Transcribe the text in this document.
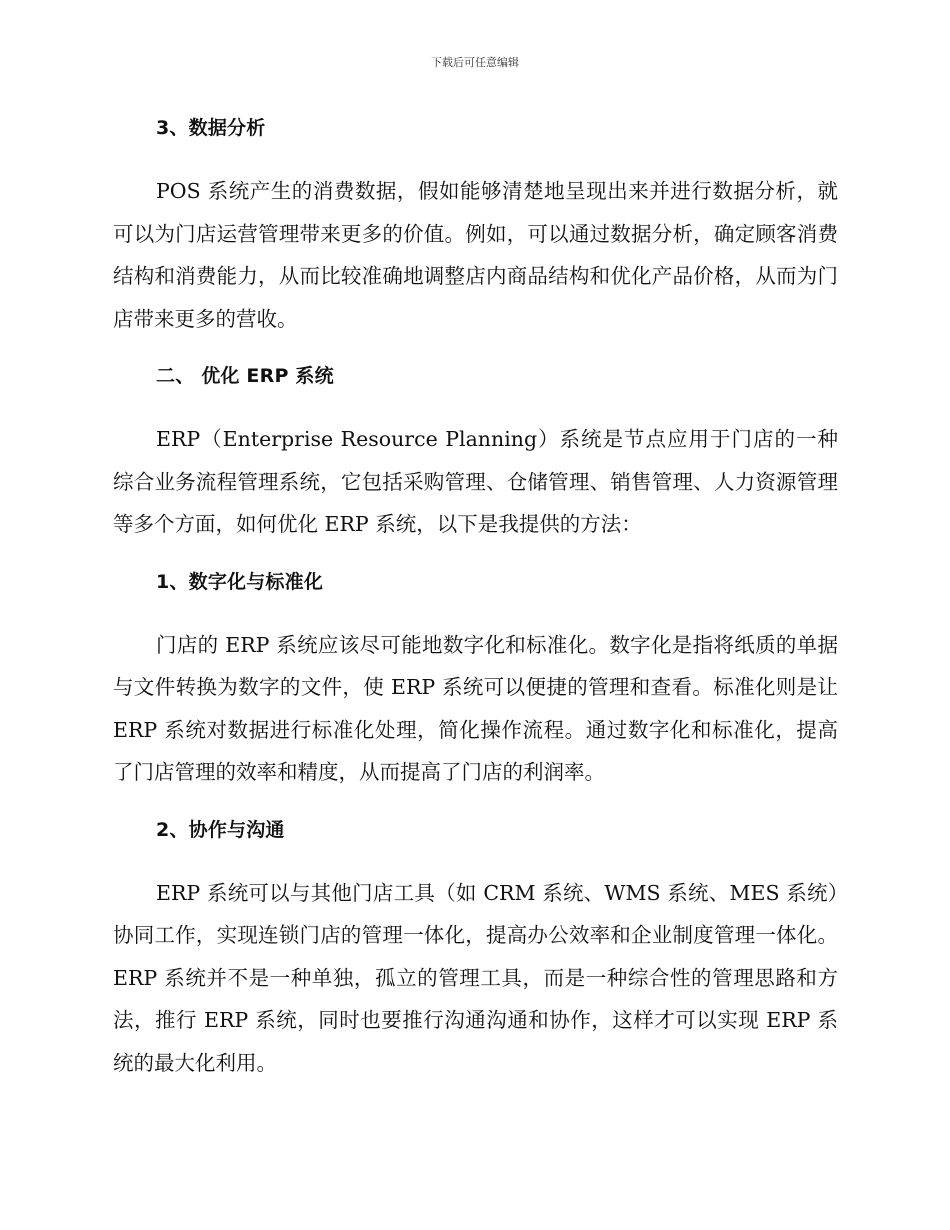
下载后可任意编辑
3、数据分析

POS 系统产生的消费数据，假如能够清楚地呈现出来并进行数据分析，就可以为门店运营管理带来更多的价值。例如，可以通过数据分析，确定顾客消费结构和消费能力，从而比较准确地调整店内商品结构和优化产品价格，从而为门店带来更多的营收。

二、 优化 ERP 系统

ERP（Enterprise Resource Planning）系统是节点应用于门店的一种综合业务流程管理系统，它包括采购管理、仓储管理、销售管理、人力资源管理等多个方面，如何优化 ERP 系统，以下是我提供的方法：

1、数字化与标准化

门店的 ERP 系统应该尽可能地数字化和标准化。数字化是指将纸质的单据与文件转换为数字的文件，使 ERP 系统可以便捷的管理和查看。标准化则是让 ERP 系统对数据进行标准化处理，简化操作流程。通过数字化和标准化，提高了门店管理的效率和精度，从而提高了门店的利润率。

2、协作与沟通

ERP 系统可以与其他门店工具（如 CRM 系统、WMS 系统、MES 系统）协同工作，实现连锁门店的管理一体化，提高办公效率和企业制度管理一体化。ERP 系统并不是一种单独，孤立的管理工具，而是一种综合性的管理思路和方法，推行 ERP 系统，同时也要推行沟通沟通和协作，这样才可以实现 ERP 系统的最大化利用。
